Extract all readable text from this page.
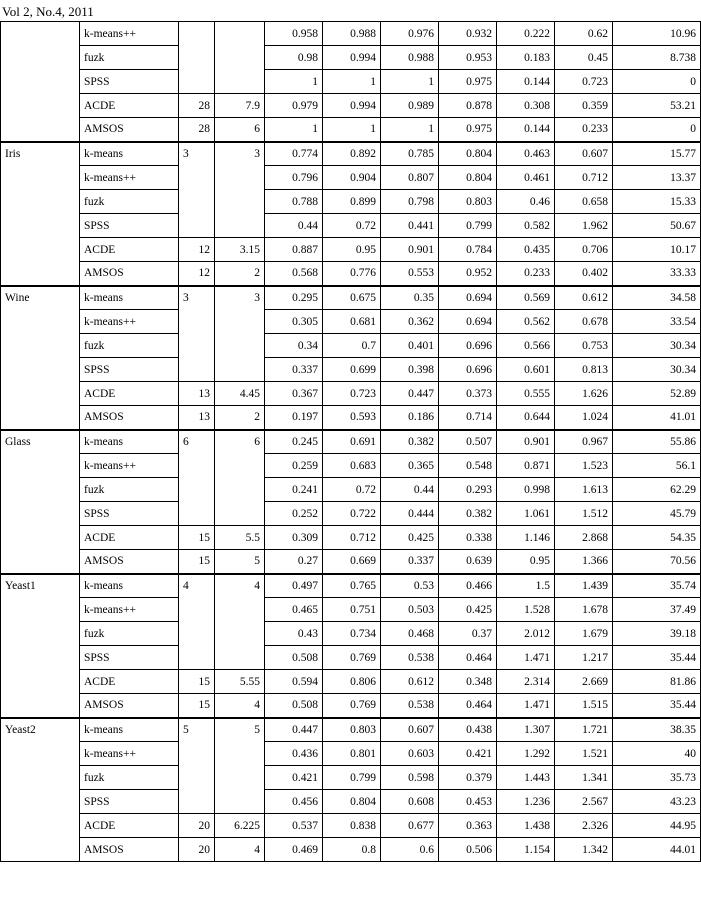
Vol 2, No.4, 2011
	k-means++			0.958	0.988	0.976	0.932	0.222	0.62	10.96
	fuzk			0.98	0.994	0.988	0.953	0.183	0.45	8.738
	SPSS			1	1	1	0.975	0.144	0.723	0
	ACDE	28	7.9	0.979	0.994	0.989	0.878	0.308	0.359	53.21
	AMSOS	28	6	1	1	1	0.975	0.144	0.233	0
Iris	k-means	3	3	0.774	0.892	0.785	0.804	0.463	0.607	15.77
	k-means++			0.796	0.904	0.807	0.804	0.461	0.712	13.37
	fuzk			0.788	0.899	0.798	0.803	0.46	0.658	15.33
	SPSS			0.44	0.72	0.441	0.799	0.582	1.962	50.67
	ACDE	12	3.15	0.887	0.95	0.901	0.784	0.435	0.706	10.17
	AMSOS	12	2	0.568	0.776	0.553	0.952	0.233	0.402	33.33
Wine	k-means	3	3	0.295	0.675	0.35	0.694	0.569	0.612	34.58
	k-means++			0.305	0.681	0.362	0.694	0.562	0.678	33.54
	fuzk			0.34	0.7	0.401	0.696	0.566	0.753	30.34
	SPSS			0.337	0.699	0.398	0.696	0.601	0.813	30.34
	ACDE	13	4.45	0.367	0.723	0.447	0.373	0.555	1.626	52.89
	AMSOS	13	2	0.197	0.593	0.186	0.714	0.644	1.024	41.01
Glass	k-means	6	6	0.245	0.691	0.382	0.507	0.901	0.967	55.86
	k-means++			0.259	0.683	0.365	0.548	0.871	1.523	56.1
	fuzk			0.241	0.72	0.44	0.293	0.998	1.613	62.29
	SPSS			0.252	0.722	0.444	0.382	1.061	1.512	45.79
	ACDE	15	5.5	0.309	0.712	0.425	0.338	1.146	2.868	54.35
	AMSOS	15	5	0.27	0.669	0.337	0.639	0.95	1.366	70.56
Yeast1	k-means	4	4	0.497	0.765	0.53	0.466	1.5	1.439	35.74
	k-means++			0.465	0.751	0.503	0.425	1.528	1.678	37.49
	fuzk			0.43	0.734	0.468	0.37	2.012	1.679	39.18
	SPSS			0.508	0.769	0.538	0.464	1.471	1.217	35.44
	ACDE	15	5.55	0.594	0.806	0.612	0.348	2.314	2.669	81.86
	AMSOS	15	4	0.508	0.769	0.538	0.464	1.471	1.515	35.44
Yeast2	k-means	5	5	0.447	0.803	0.607	0.438	1.307	1.721	38.35
	k-means++			0.436	0.801	0.603	0.421	1.292	1.521	40
	fuzk			0.421	0.799	0.598	0.379	1.443	1.341	35.73
	SPSS			0.456	0.804	0.608	0.453	1.236	2.567	43.23
	ACDE	20	6.225	0.537	0.838	0.677	0.363	1.438	2.326	44.95
	AMSOS	20	4	0.469	0.8	0.6	0.506	1.154	1.342	44.01
